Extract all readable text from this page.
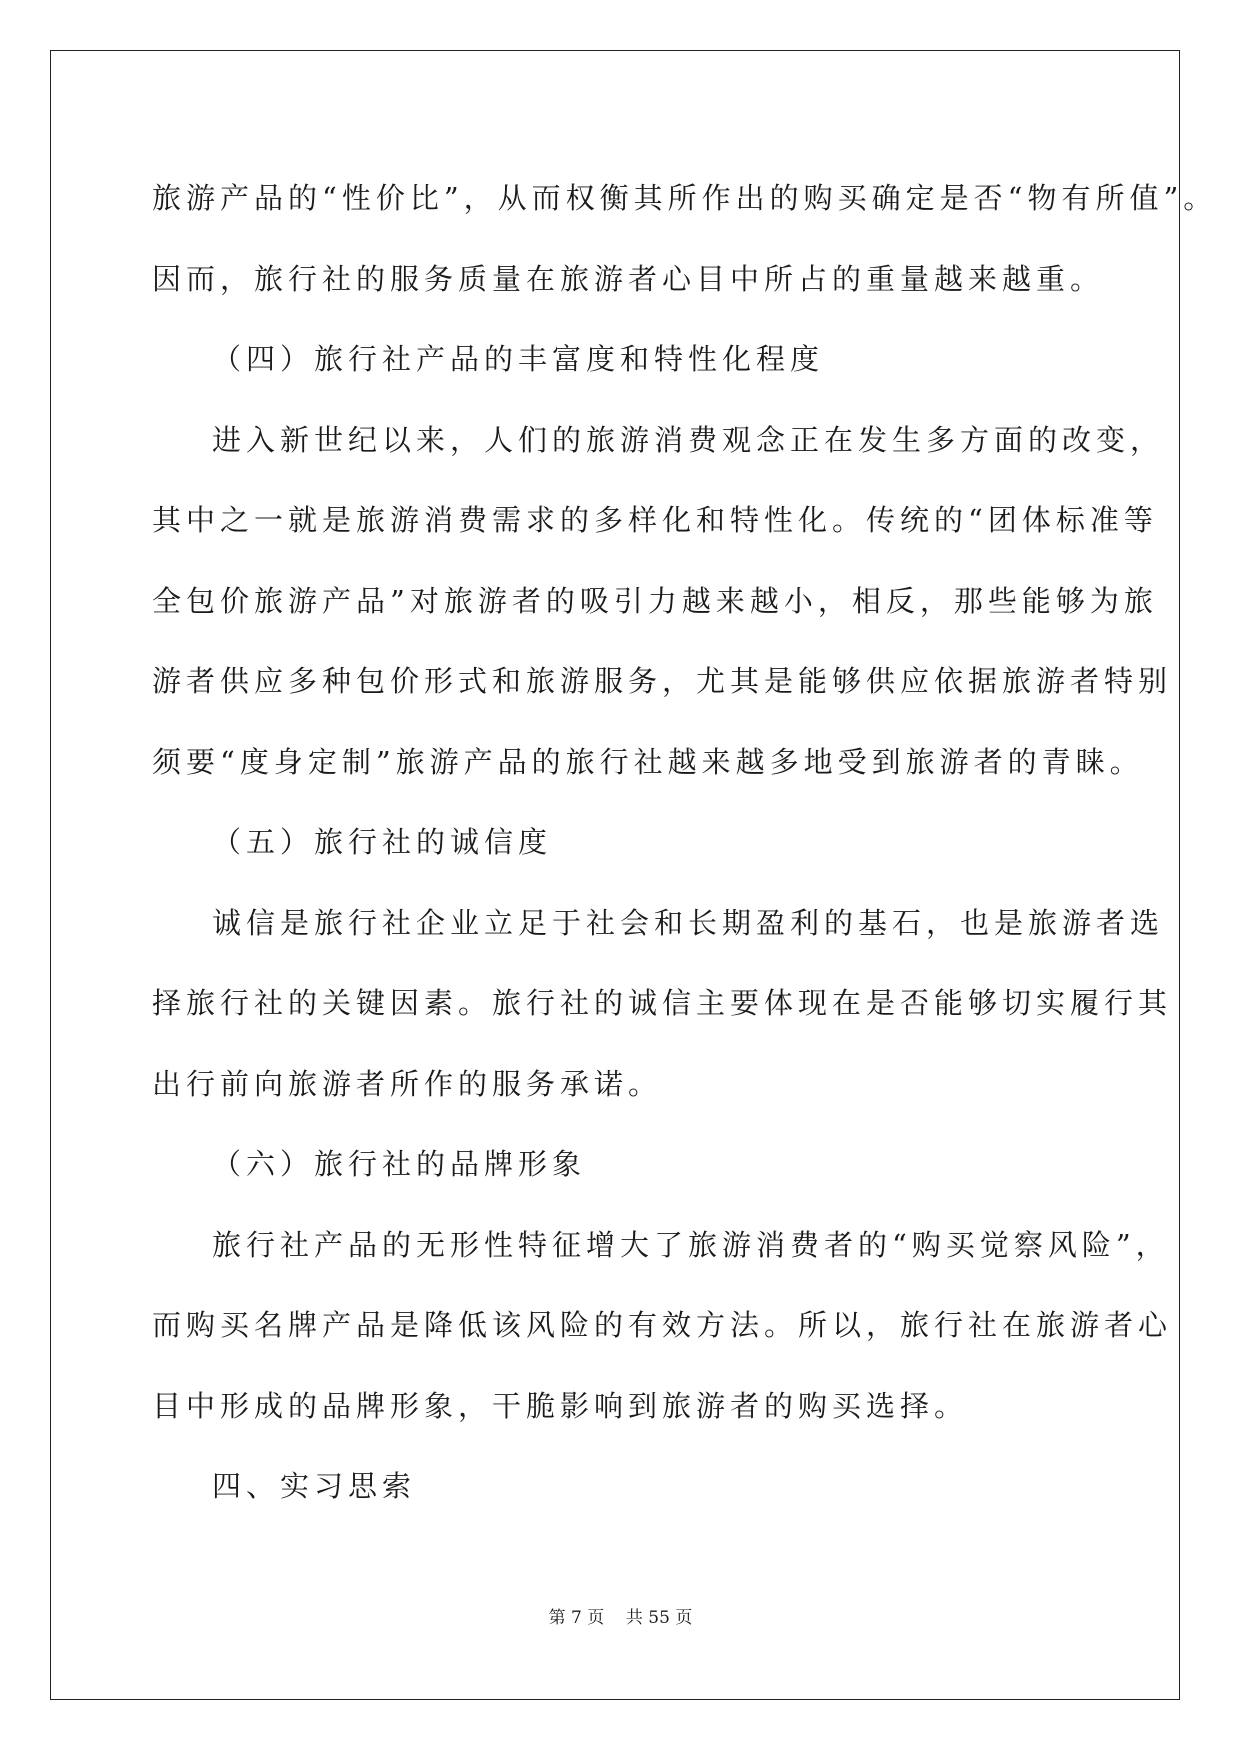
旅游产品的“性价比”，从而权衡其所作出的购买确定是否“物有所值”。
因而，旅行社的服务质量在旅游者心目中所占的重量越来越重。
（四）旅行社产品的丰富度和特性化程度
进入新世纪以来，人们的旅游消费观念正在发生多方面的改变，
其中之一就是旅游消费需求的多样化和特性化。传统的“团体标准等
全包价旅游产品”对旅游者的吸引力越来越小，相反，那些能够为旅
游者供应多种包价形式和旅游服务，尤其是能够供应依据旅游者特别
须要“度身定制”旅游产品的旅行社越来越多地受到旅游者的青睐。
（五）旅行社的诚信度
诚信是旅行社企业立足于社会和长期盈利的基石，也是旅游者选
择旅行社的关键因素。旅行社的诚信主要体现在是否能够切实履行其
出行前向旅游者所作的服务承诺。
（六）旅行社的品牌形象
旅行社产品的无形性特征增大了旅游消费者的“购买觉察风险”，
而购买名牌产品是降低该风险的有效方法。所以，旅行社在旅游者心
目中形成的品牌形象，干脆影响到旅游者的购买选择。
四、实习思索
第 7 页    共 55 页
